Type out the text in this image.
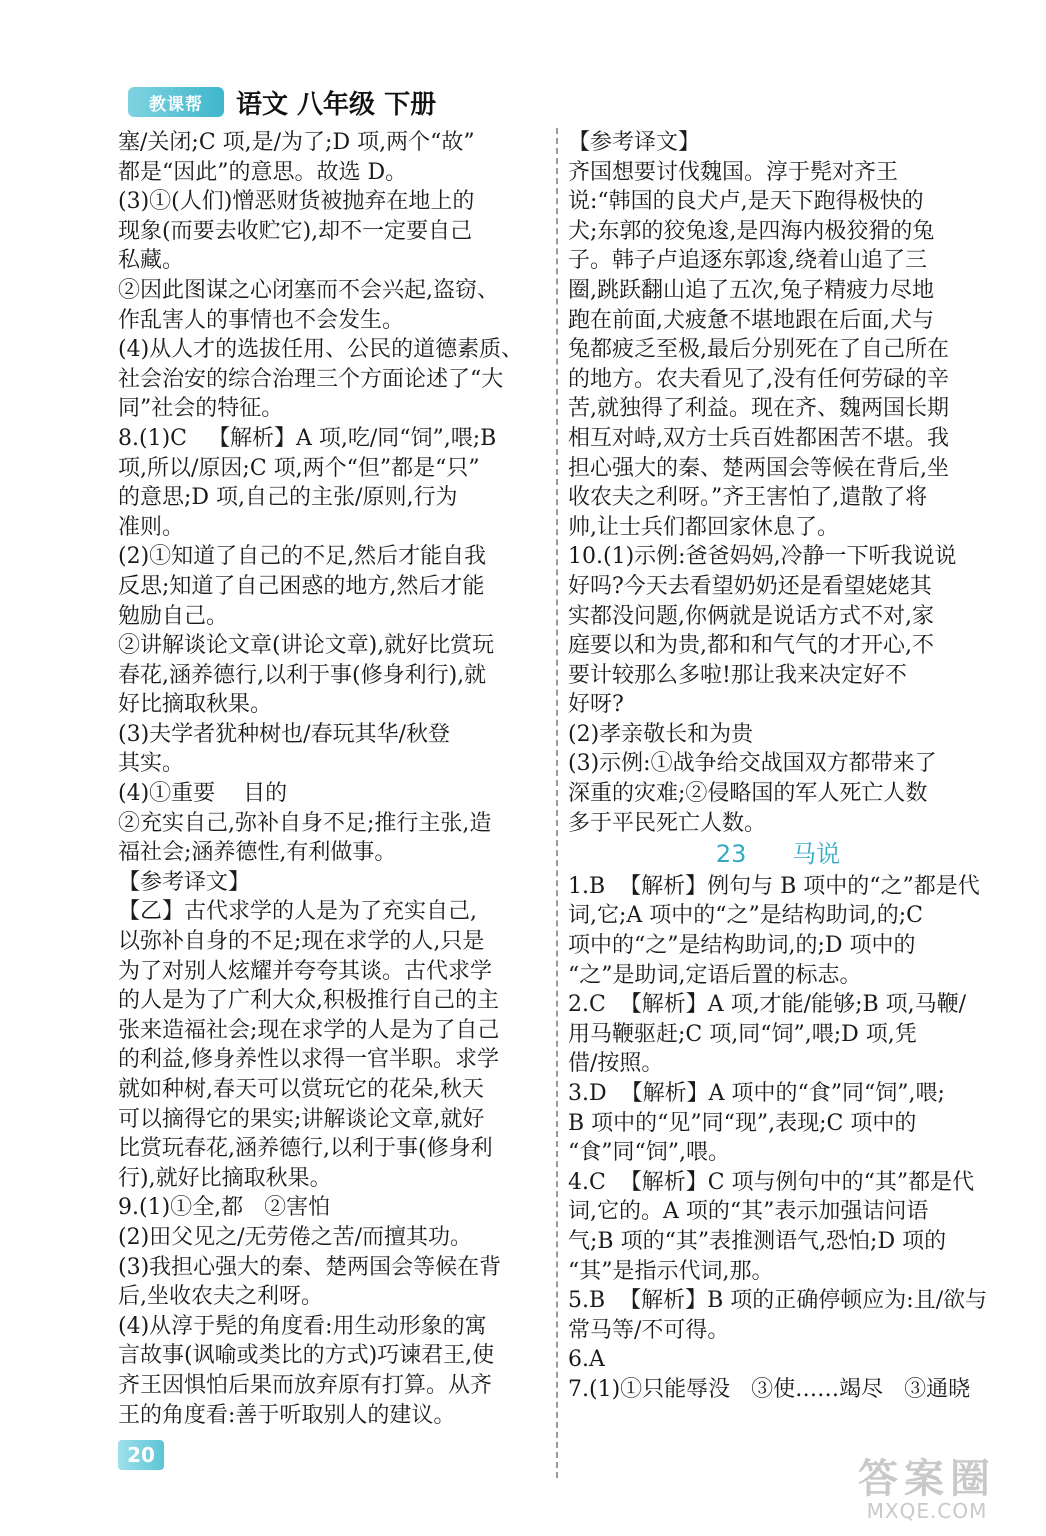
教课帮	语文 八年级 下册
塞/关闭;C 项,是/为了;D 项,两个“故”
都是“因此”的意思。故选 D。
(3)①(人们)憎恶财货被抛弃在地上的
现象(而要去收贮它),却不一定要自己
私藏。
②因此图谋之心闭塞而不会兴起,盗窃、
作乱害人的事情也不会发生。
(4)从人才的选拔任用、公民的道德素质、
社会治安的综合治理三个方面论述了“大
同”社会的特征。
8.(1)C   【解析】A 项,吃/同“饲”,喂;B
项,所以/原因;C 项,两个“但”都是“只”
的意思;D 项,自己的主张/原则,行为
准则。
(2)①知道了自己的不足,然后才能自我
反思;知道了自己困惑的地方,然后才能
勉励自己。
②讲解谈论文章(讲论文章),就好比赏玩
春花,涵养德行,以利于事(修身利行),就
好比摘取秋果。
(3)夫学者犹种树也/春玩其华/秋登
其实。
(4)①重要    目的
②充实自己,弥补自身不足;推行主张,造
福社会;涵养德性,有利做事。
【参考译文】
【乙】古代求学的人是为了充实自己,
以弥补自身的不足;现在求学的人,只是
为了对别人炫耀并夸夸其谈。古代求学
的人是为了广利大众,积极推行自己的主
张来造福社会;现在求学的人是为了自己
的利益,修身养性以求得一官半职。求学
就如种树,春天可以赏玩它的花朵,秋天
可以摘得它的果实;讲解谈论文章,就好
比赏玩春花,涵养德行,以利于事(修身利
行),就好比摘取秋果。
9.(1)①全,都   ②害怕
(2)田父见之/无劳倦之苦/而擅其功。
(3)我担心强大的秦、楚两国会等候在背
后,坐收农夫之利呀。
(4)从淳于髡的角度看:用生动形象的寓
言故事(讽喻或类比的方式)巧谏君王,使
齐王因惧怕后果而放弃原有打算。从齐
王的角度看:善于听取别人的建议。
【参考译文】
齐国想要讨伐魏国。淳于髡对齐王
说:“韩国的良犬卢,是天下跑得极快的
犬;东郭的狡兔逡,是四海内极狡猾的兔
子。韩子卢追逐东郭逡,绕着山追了三
圈,跳跃翻山追了五次,兔子精疲力尽地
跑在前面,犬疲惫不堪地跟在后面,犬与
兔都疲乏至极,最后分别死在了自己所在
的地方。农夫看见了,没有任何劳碌的辛
苦,就独得了利益。现在齐、魏两国长期
相互对峙,双方士兵百姓都困苦不堪。我
担心强大的秦、楚两国会等候在背后,坐
收农夫之利呀。”齐王害怕了,遣散了将
帅,让士兵们都回家休息了。
10.(1)示例:爸爸妈妈,冷静一下听我说说
好吗?今天去看望奶奶还是看望姥姥其
实都没问题,你俩就是说话方式不对,家
庭要以和为贵,都和和气气的才开心,不
要计较那么多啦!那让我来决定好不
好呀?
(2)孝亲敬长和为贵
(3)示例:①战争给交战国双方都带来了
深重的灾难;②侵略国的军人死亡人数
多于平民死亡人数。
23 马说
1.B  【解析】例句与 B 项中的“之”都是代
词,它;A 项中的“之”是结构助词,的;C
项中的“之”是结构助词,的;D 项中的
“之”是助词,定语后置的标志。
2.C  【解析】A 项,才能/能够;B 项,马鞭/
用马鞭驱赶;C 项,同“饲”,喂;D 项,凭
借/按照。
3.D  【解析】A 项中的“食”同“饲”,喂;
B 项中的“见”同“现”,表现;C 项中的
“食”同“饲”,喂。
4.C  【解析】C 项与例句中的“其”都是代
词,它的。A 项的“其”表示加强诘问语
气;B 项的“其”表推测语气,恐怕;D 项的
“其”是指示代词,那。
5.B  【解析】B 项的正确停顿应为:且/欲与
常马等/不可得。
6.A
7.(1)①只能辱没   ③使……竭尽   ③通晓
20
答案圈
MXQE.COM
